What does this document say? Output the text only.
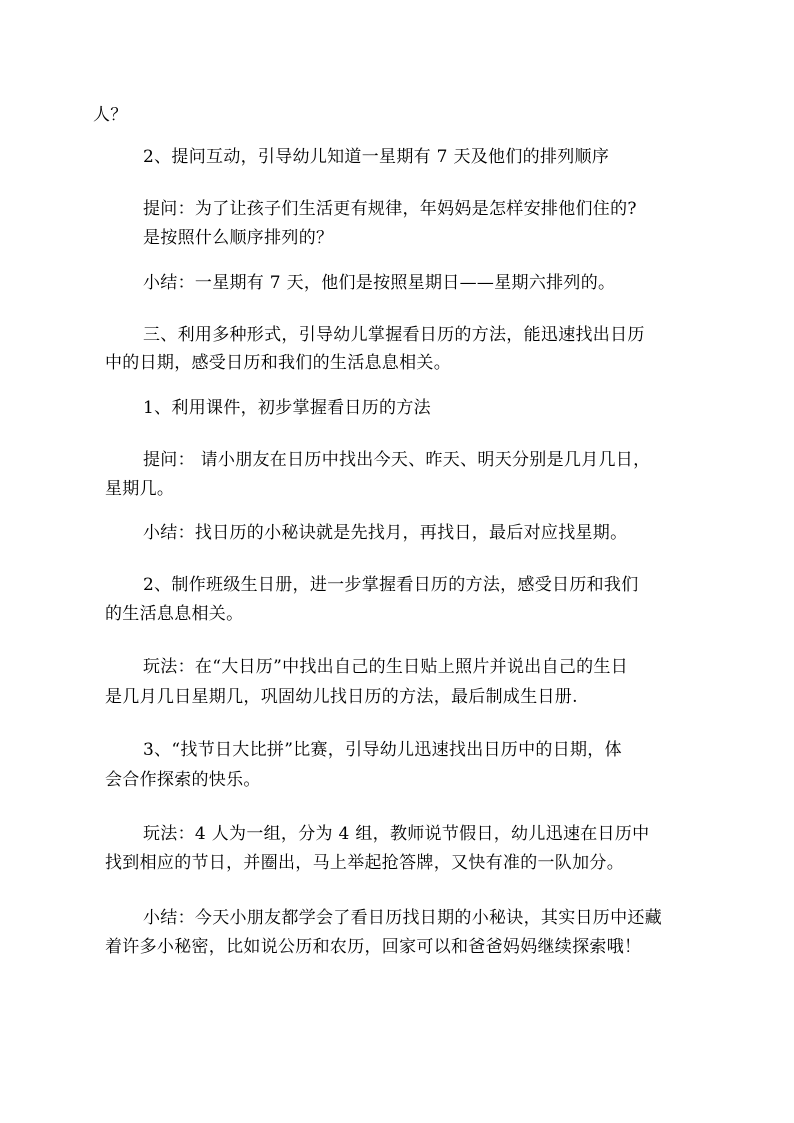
人？
2、提问互动，引导幼儿知道一星期有 7 天及他们的排列顺序
提问：为了让孩子们生活更有规律，年妈妈是怎样安排他们住的?
是按照什么顺序排列的？
小结：一星期有 7 天，他们是按照星期日——星期六排列的。
三、利用多种形式，引导幼儿掌握看日历的方法，能迅速找出日历
中的日期，感受日历和我们的生活息息相关。
1、利用课件，初步掌握看日历的方法
提问： 请小朋友在日历中找出今天、昨天、明天分别是几月几日，
星期几。
小结：找日历的小秘诀就是先找月，再找日，最后对应找星期。
2、制作班级生日册，进一步掌握看日历的方法，感受日历和我们
的生活息息相关。
玩法：在“大日历”中找出自己的生日贴上照片并说出自己的生日
是几月几日星期几，巩固幼儿找日历的方法，最后制成生日册.
3、“找节日大比拼”比赛，引导幼儿迅速找出日历中的日期，体
会合作探索的快乐。
玩法：4 人为一组，分为 4 组，教师说节假日，幼儿迅速在日历中
找到相应的节日，并圈出，马上举起抢答牌，又快有准的一队加分。
小结：今天小朋友都学会了看日历找日期的小秘诀，其实日历中还藏
着许多小秘密，比如说公历和农历，回家可以和爸爸妈妈继续探索哦！
